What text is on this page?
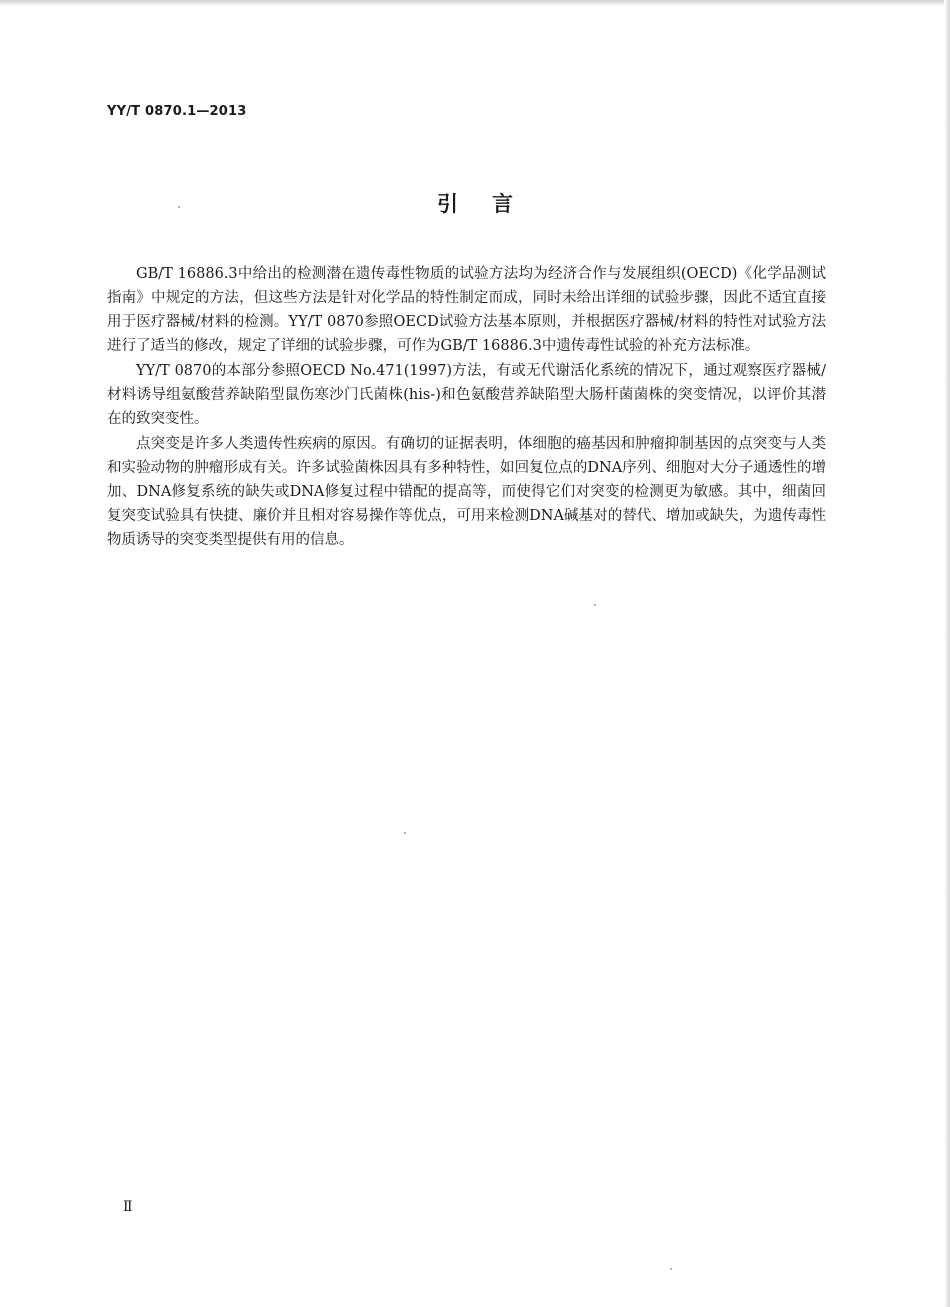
YY/T 0870.1—2013
引言

GB/T 16886.3中给出的检测潜在遗传毒性物质的试验方法均为经济合作与发展组织(OECD)《化学品测试指南》中规定的方法，但这些方法是针对化学品的特性制定而成，同时未给出详细的试验步骤，因此不适宜直接用于医疗器械/材料的检测。YY/T 0870参照OECD试验方法基本原则，并根据医疗器械/材料的特性对试验方法进行了适当的修改，规定了详细的试验步骤，可作为GB/T 16886.3中遗传毒性试验的补充方法标准。

YY/T 0870的本部分参照OECD No.471(1997)方法，有或无代谢活化系统的情况下，通过观察医疗器械/材料诱导组氨酸营养缺陷型鼠伤寒沙门氏菌株(his-)和色氨酸营养缺陷型大肠杆菌菌株的突变情况，以评价其潜在的致突变性。

点突变是许多人类遗传性疾病的原因。有确切的证据表明，体细胞的癌基因和肿瘤抑制基因的点突变与人类和实验动物的肿瘤形成有关。许多试验菌株因具有多种特性，如回复位点的DNA序列、细胞对大分子通透性的增加、DNA修复系统的缺失或DNA修复过程中错配的提高等，而使得它们对突变的检测更为敏感。其中，细菌回复突变试验具有快捷、廉价并且相对容易操作等优点，可用来检测DNA碱基对的替代、增加或缺失，为遗传毒性物质诱导的突变类型提供有用的信息。

Ⅱ
